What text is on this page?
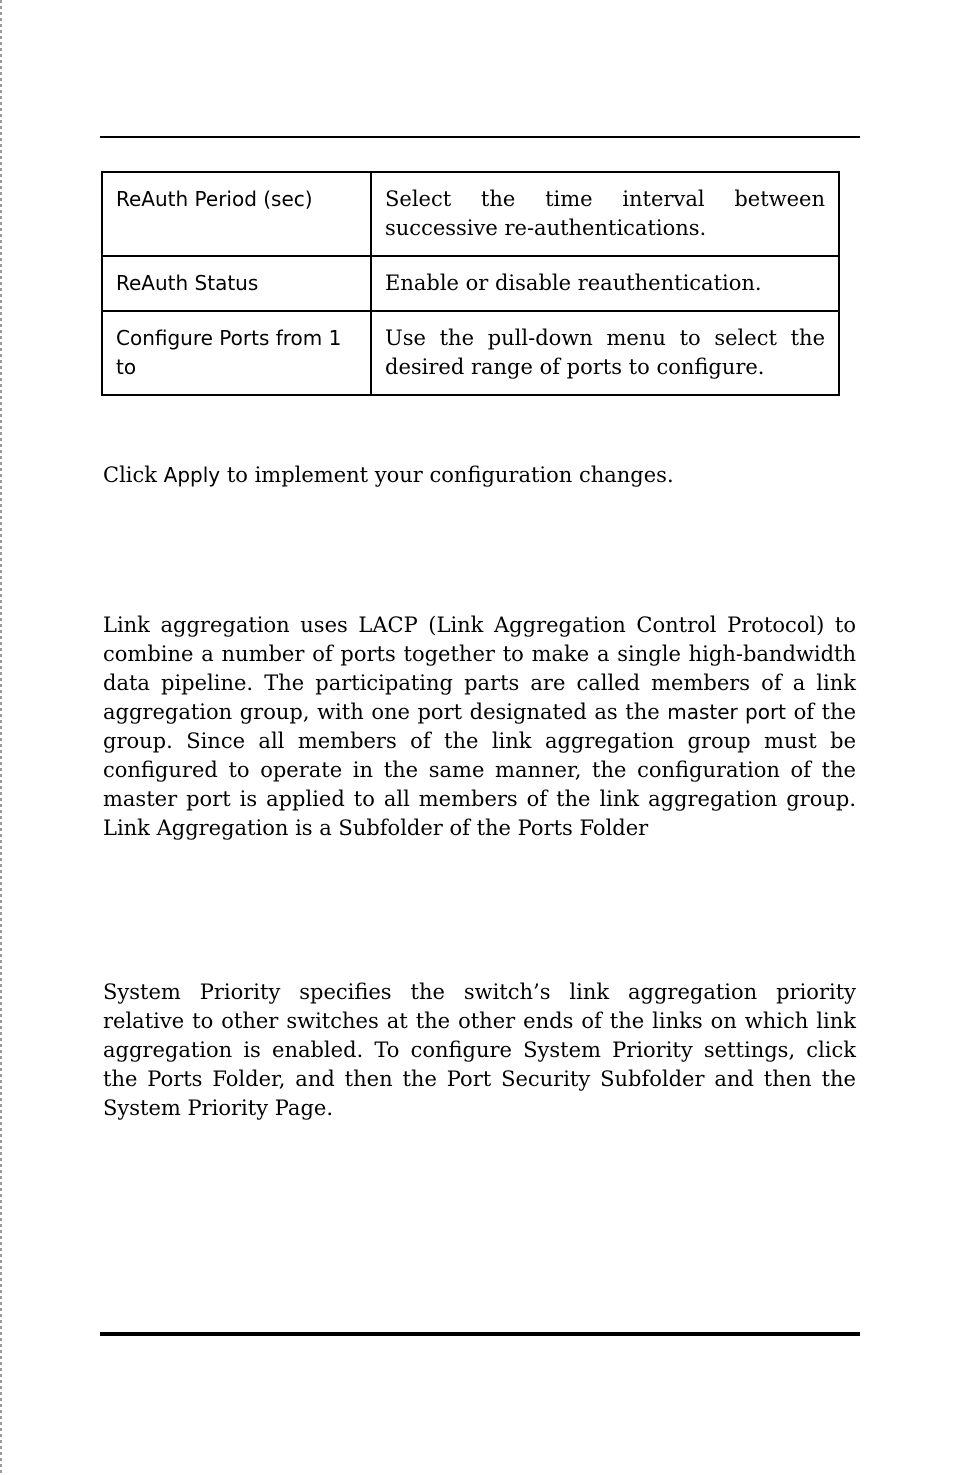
ReAuth Period (sec)	Select the time interval between successive re-authentications.
ReAuth Status	Enable or disable reauthentication.
Configure Ports from 1 to	Use the pull-down menu to select the desired range of ports to configure.

Click Apply to implement your configuration changes.

Link aggregation uses LACP (Link Aggregation Control Protocol) to combine a number of ports together to make a single high-bandwidth data pipeline. The participating parts are called members of a link aggregation group, with one port designated as the master port of the group. Since all members of the link aggregation group must be configured to operate in the same manner, the configuration of the master port is applied to all members of the link aggregation group. Link Aggregation is a Subfolder of the Ports Folder

System Priority specifies the switch’s link aggregation priority relative to other switches at the other ends of the links on which link aggregation is enabled. To configure System Priority settings, click the Ports Folder, and then the Port Security Subfolder and then the System Priority Page.
